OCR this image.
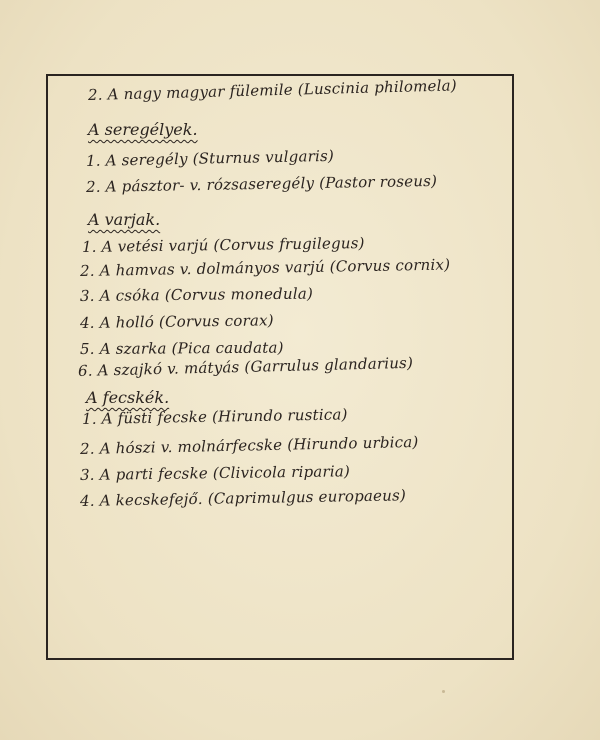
2. A nagy magyar fülemile (Luscinia philomela)
A seregélyek.
1. A seregély (Sturnus vulgaris)
2. A pásztor- v. rózsaseregély (Pastor roseus)
A varjak.
1. A vetési varjú (Corvus frugilegus)
2. A hamvas v. dolmányos varjú (Corvus cornix)
3. A csóka (Corvus monedula)
4. A holló (Corvus corax)
5. A szarka (Pica caudata)
6. A szajkó v. mátyás (Garrulus glandarius)
A fecskék.
1. A füsti fecske (Hirundo rustica)
2. A hószi v. molnárfecske (Hirundo urbica)
3. A parti fecske (Clivicola riparia)
4. A kecskefejő. (Caprimulgus europaeus)
